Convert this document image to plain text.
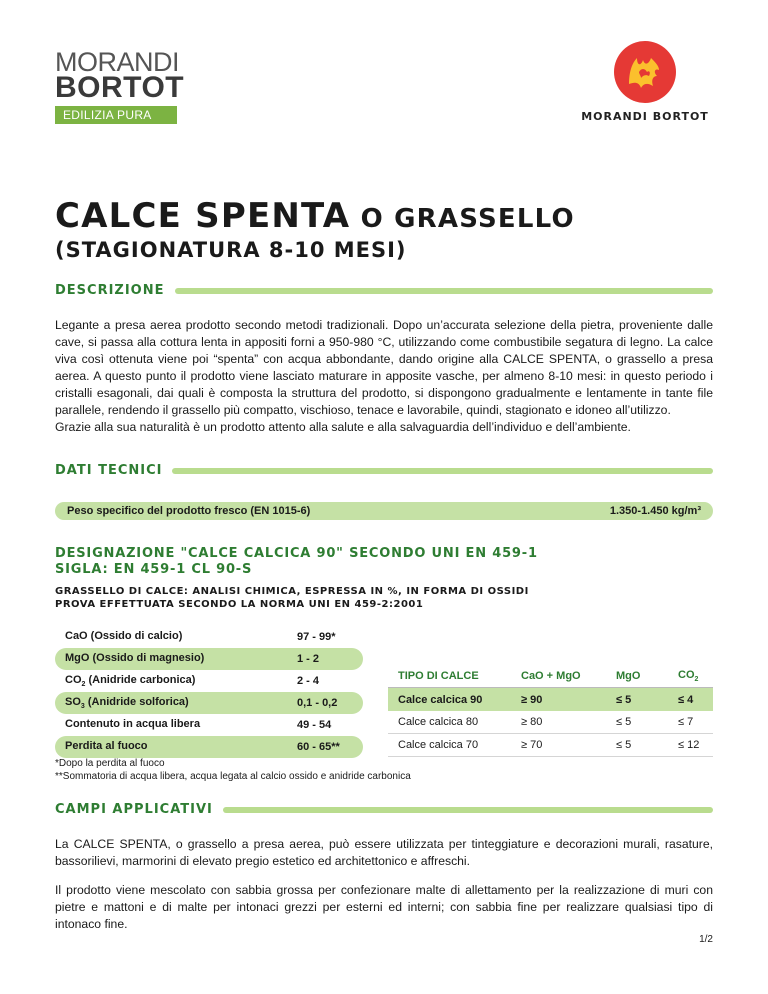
MORANDI
BORTOT
EDILIZIA PURA	MORANDI BORTOT
CALCE SPENTA O GRASSELLO
(STAGIONATURA 8-10 MESI)
DESCRIZIONE
Legante a presa aerea prodotto secondo metodi tradizionali. Dopo un’accurata selezione della pietra, proveniente dalle cave, si passa alla cottura lenta in appositi forni a 950-980 °C, utilizzando come combustibile segatura di legno. La calce viva così ottenuta viene poi “spenta” con acqua abbondante, dando origine alla CALCE SPENTA, o grassello a presa aerea. A questo punto il prodotto viene lasciato maturare in apposite vasche, per almeno 8-10 mesi: in questo periodo i cristalli esagonali, dai quali è composta la struttura del prodotto, si dispongono gradualmente e lentamente in tante file parallele, rendendo il grassello più compatto, vischioso, tenace e lavorabile, quindi, stagionato e idoneo all’utilizzo.
Grazie alla sua naturalità è un prodotto attento alla salute e alla salvaguardia dell’individuo e dell’ambiente.
DATI TECNICI
Peso specifico del prodotto fresco (EN 1015-6)	1.350-1.450 kg/m³
DESIGNAZIONE "CALCE CALCICA 90" SECONDO UNI EN 459-1
SIGLA: EN 459-1 CL 90-S
GRASSELLO DI CALCE: ANALISI CHIMICA, ESPRESSA IN %, IN FORMA DI OSSIDI
PROVA EFFETTUATA SECONDO LA NORMA UNI EN 459-2:2001
CaO (Ossido di calcio)	97 - 99*
MgO (Ossido di magnesio)	1 - 2
$CO_2$ (Anidride carbonica)	2 - 4
$SO_3$ (Anidride solforica)	0,1 - 0,2
Contenuto in acqua libera	49 - 54
Perdita al fuoco	60 - 65**
TIPO DI CALCE	CaO + MgO	MgO	$CO_2$
Calce calcica 90	≥ 90	≤ 5	≤ 4
Calce calcica 80	≥ 80	≤ 5	≤ 7
Calce calcica 70	≥ 70	≤ 5	≤ 12
*Dopo la perdita al fuoco
**Sommatoria di acqua libera, acqua legata al calcio ossido e anidride carbonica
CAMPI APPLICATIVI
La CALCE SPENTA, o grassello a presa aerea, può essere utilizzata per tinteggiature e decorazioni murali, rasature, bassorilievi, marmorini di elevato pregio estetico ed architettonico e affreschi.
Il prodotto viene mescolato con sabbia grossa per confezionare malte di allettamento per la realizzazione di muri con pietre e mattoni e di malte per intonaci grezzi per esterni ed interni; con sabbia fine per realizzare qualsiasi tipo di intonaco fine.
1/2
